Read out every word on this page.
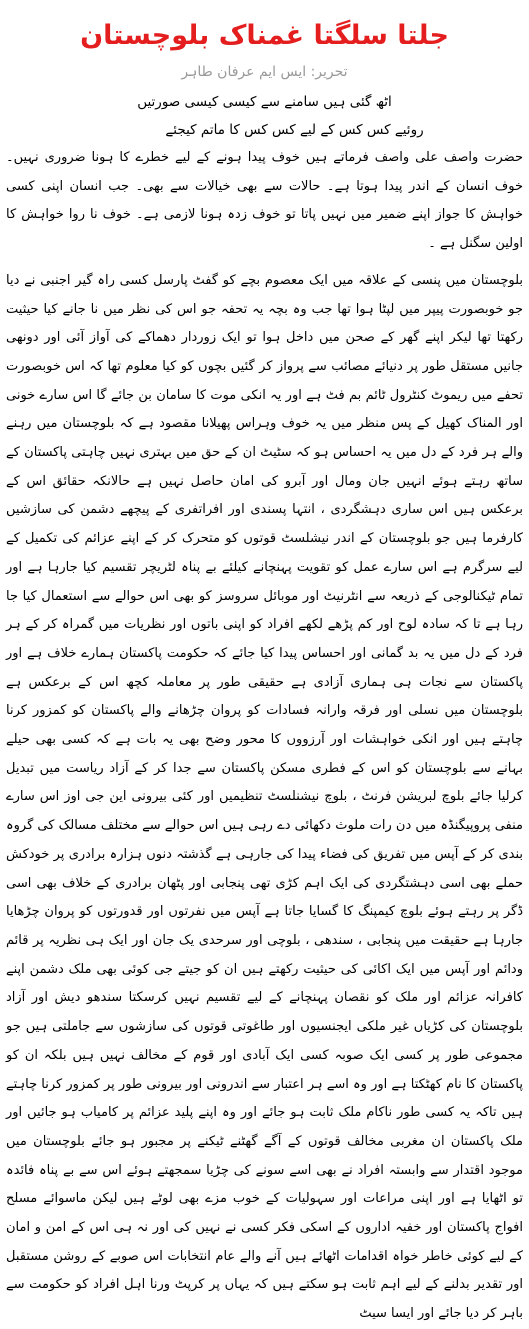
جلتا سلگتا غمناک بلوچستان
تحریر: ایس ایم عرفان طاہر
اٹھ گئی ہیں سامنے سے کیسی کیسی صورتیں
روئیے کس کس کے لیے کس کس کا ماتم کیجئے

حضرت واصف علی واصف فرماتے ہیں خوف پیدا ہونے کے لیے خطرے کا ہونا ضروری نہیں۔ خوف انسان کے اندر پیدا ہوتا ہے۔ حالات سے بھی خیالات سے بھی۔ جب انسان اپنی کسی خواہش کا جواز اپنے ضمیر میں نہیں پاتا تو خوف زدہ ہونا لازمی ہے۔ خوف نا روا خواہش کا اولین سگنل ہے ۔

بلوچستان میں پنسی کے علاقہ میں ایک معصوم بچے کو گفٹ پارسل کسی راہ گیر اجنبی نے دیا جو خوبصورت پیپر میں لپٹا ہوا تھا جب وہ بچہ یہ تحفہ جو اس کی نظر میں نا جانے کیا حیثیت رکھتا تھا لیکر اپنے گھر کے صحن میں داخل ہوا تو ایک زوردار دھماکے کی آواز آئی اور دونھی جانیں مستقل طور پر دنیائے مصائب سے پرواز کر گئیں بچوں کو کیا معلوم تھا کہ اس خوبصورت تحفے میں ریموٹ کنٹرول ٹائم بم فٹ ہے اور یہ انکی موت کا سامان بن جائے گا اس سارے خونی اور المناک کھیل کے پس منظر میں یہ خوف وہراس پھیلانا مقصود ہے کہ بلوچستان میں رہنے والے ہر فرد کے دل میں یہ احساس ہو کہ سٹیٹ ان کے حق میں بہتری نہیں چاہتی پاکستان کے ساتھ رہتے ہوئے انہیں جان ومال اور آبرو کی امان حاصل نہیں ہے حالانکہ حقائق اس کے برعکس ہیں اس ساری دہشگردی ، انتہا پسندی اور افراتفری کے پیچھے دشمن کی سازشیں کارفرما ہیں جو بلوچستان کے اندر نیشلسٹ قوتوں کو متحرک کر کے اپنے عزائم کی تکمیل کے لیے سرگرم ہے اس سارے عمل کو تقویت پہنچانے کیلئے بے پناہ لٹریچر تقسیم کیا جارہا ہے اور تمام ٹیکنالوجی کے ذریعہ سے انٹرنیٹ اور موبائل سروسز کو بھی اس حوالے سے استعمال کیا جا رہا ہے تا کہ سادہ لوح اور کم پڑھے لکھے افراد کو اپنی باتوں اور نظریات میں گمراہ کر کے ہر فرد کے دل میں یہ بد گمانی اور احساس پیدا کیا جائے کہ حکومت پاکستان ہمارے خلاف ہے اور پاکستان سے نجات ہی ہماری آزادی ہے حقیقی طور پر معاملہ کچھ اس کے برعکس ہے بلوچستان میں نسلی اور فرقہ وارانہ فسادات کو پروان چڑھانے والے پاکستان کو کمزور کرنا چاہتے ہیں اور انکی خواہشات اور آرزووں کا محور وضح بھی یہ بات ہے کہ کسی بھی حیلے بہانے سے بلوچستان کو اس کے فطری مسکن پاکستان سے جدا کر کے آزاد ریاست میں تبدیل کرلیا جائے بلوچ لبریشن فرنٹ ، بلوچ نیشنلسٹ تنظیمیں اور کئی بیرونی این جی اوز اس سارے منفی پروپیگنڈہ میں دن رات ملوث دکھائی دے رہی ہیں اس حوالے سے مختلف مسالک کی گروہ بندی کر کے آپس میں تفریق کی فضاء پیدا کی جارہی ہے گذشتہ دنوں ہزارہ برادری پر خودکش حملے بھی اسی دہشتگردی کی ایک اہم کڑی تھی پنجابی اور پٹھان برادری کے خلاف بھی اسی ڈگر پر رہتے ہوئے بلوچ کیمپنگ کا گسایا جاتا ہے آپس میں نفرتوں اور قدورتوں کو پروان چڑھایا جارہا ہے حقیقت میں پنجابی ، سندھی ، بلوچی اور سرحدی یک جان اور ایک ہی نظریہ پر قائم ودائم اور آپس میں ایک اکائی کی حیثیت رکھتے ہیں ان کو جیتے جی کوئی بھی ملک دشمن اپنے کافرانہ عزائم اور ملک کو نقصان پہنچانے کے لیے تقسیم نہیں کرسکتا سندھو دیش اور آزاد بلوچستان کی کڑیاں غیر ملکی ایجنسیوں اور طاغوتی قوتوں کی سازشوں سے جاملتی ہیں جو مجموعی طور پر کسی ایک صوبہ کسی ایک آبادی اور قوم کے مخالف نہیں ہیں بلکہ ان کو پاکستان کا نام کھٹکتا ہے اور وہ اسے ہر اعتبار سے اندرونی اور بیرونی طور پر کمزور کرنا چاہتے ہیں تاکہ یہ کسی طور ناکام ملک ثابت ہو جائے اور وہ اپنے پلید عزائم پر کامیاب ہو جائیں اور ملک پاکستان ان مغربی مخالف قوتوں کے آگے گھٹنے ٹیکنے پر مجبور ہو جائے بلوچستان میں موجود اقتدار سے وابستہ افراد نے بھی اسے سونے کی چڑیا سمجھتے ہوئے اس سے بے پناہ فائدہ تو اٹھایا ہے اور اپنی مراعات اور سہولیات کے خوب مزے بھی لوٹے ہیں لیکن ماسوائے مسلح افواج پاکستان اور خفیہ اداروں کے اسکی فکر کسی نے نہیں کی اور نہ ہی اس کے امن و امان کے لیے کوئی خاطر خواہ اقدامات اٹھائے ہیں آنے والے عام انتخابات اس صوبے کے روشن مستقبل اور تقدیر بدلنے کے لیے اہم ثابت ہو سکتے ہیں کہ یہاں پر کرپٹ ورنا اہل افراد کو حکومت سے باہر کر دیا جائے اور ایسا سیٹ
